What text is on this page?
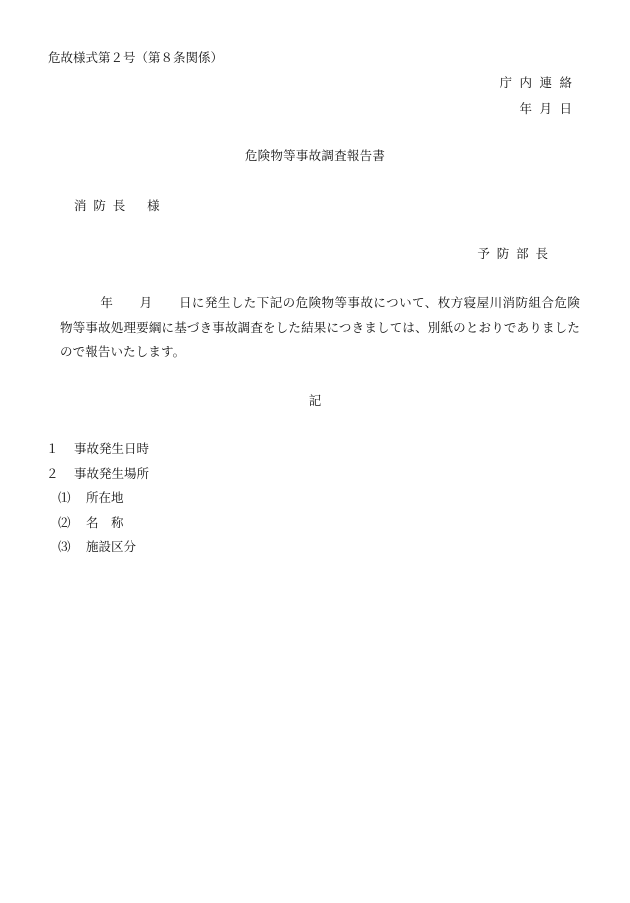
危故様式第２号（第８条関係）
庁内連絡
年月日
危険物等事故調査報告書
消防長 様
予防部長
年 月 日に発生した下記の危険物等事故について、枚方寝屋川消防組合危険物等事故処理要綱に基づき事故調査をした結果につきましては、別紙のとおりでありましたので報告いたします。
記
１ 事故発生日時
２ 事故発生場所
⑴ 所在地
⑵ 名　称
⑶ 施設区分
